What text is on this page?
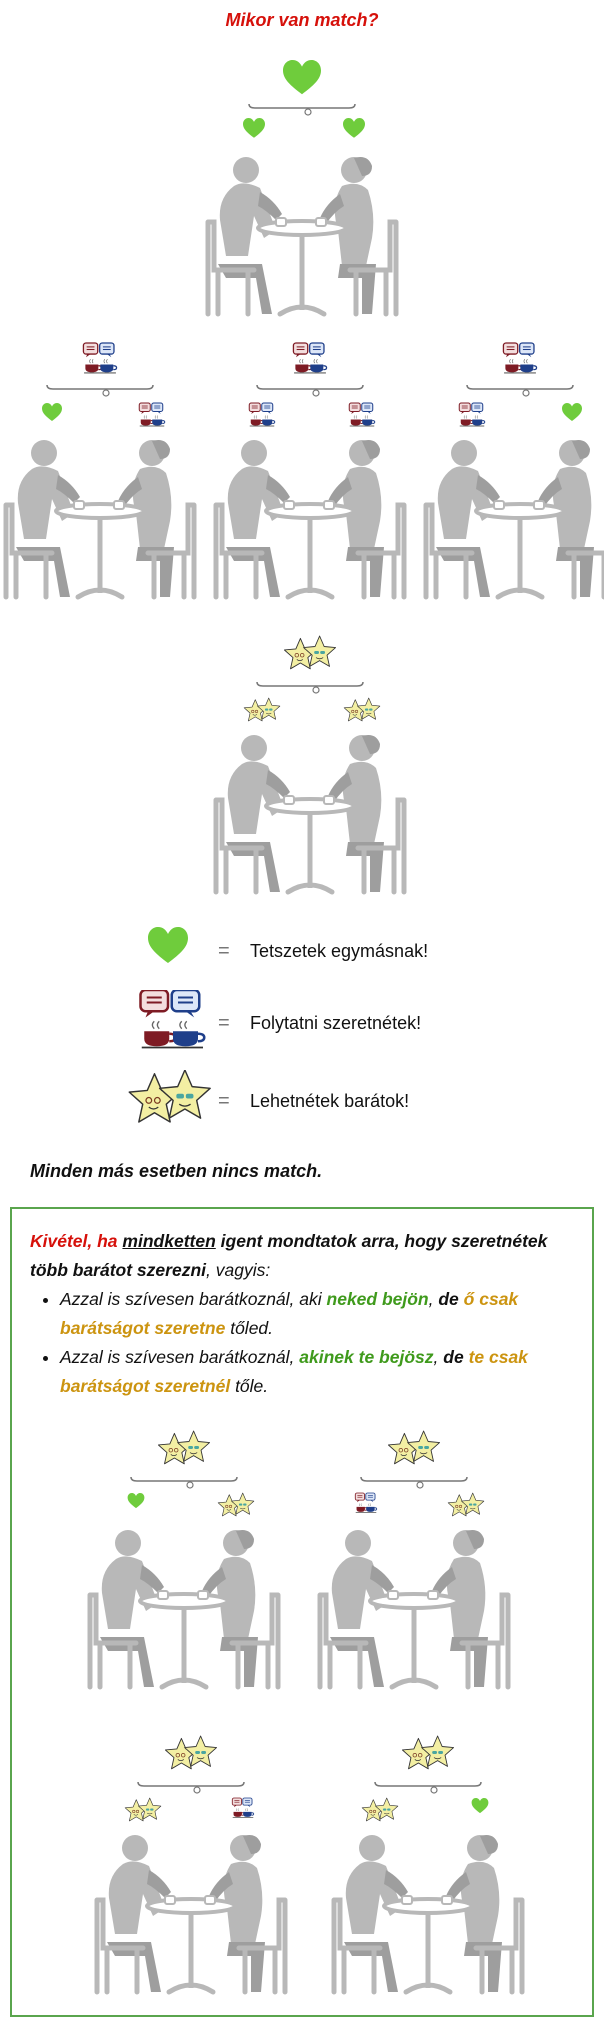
Mikor van match?
= Tetszetek egymásnak!
= Folytatni szeretnétek!
= Lehetnétek barátok!
Minden más esetben nincs match.
Kivétel, ha mindketten igent mondtatok arra, hogy szeretnétek több barátot szerezni, vagyis:
• Azzal is szívesen barátkoznál, aki neked bejön, de ő csak barátságot szeretne tőled.
• Azzal is szívesen barátkoznál, akinek te bejösz, de te csak barátságot szeretnél tőle.
